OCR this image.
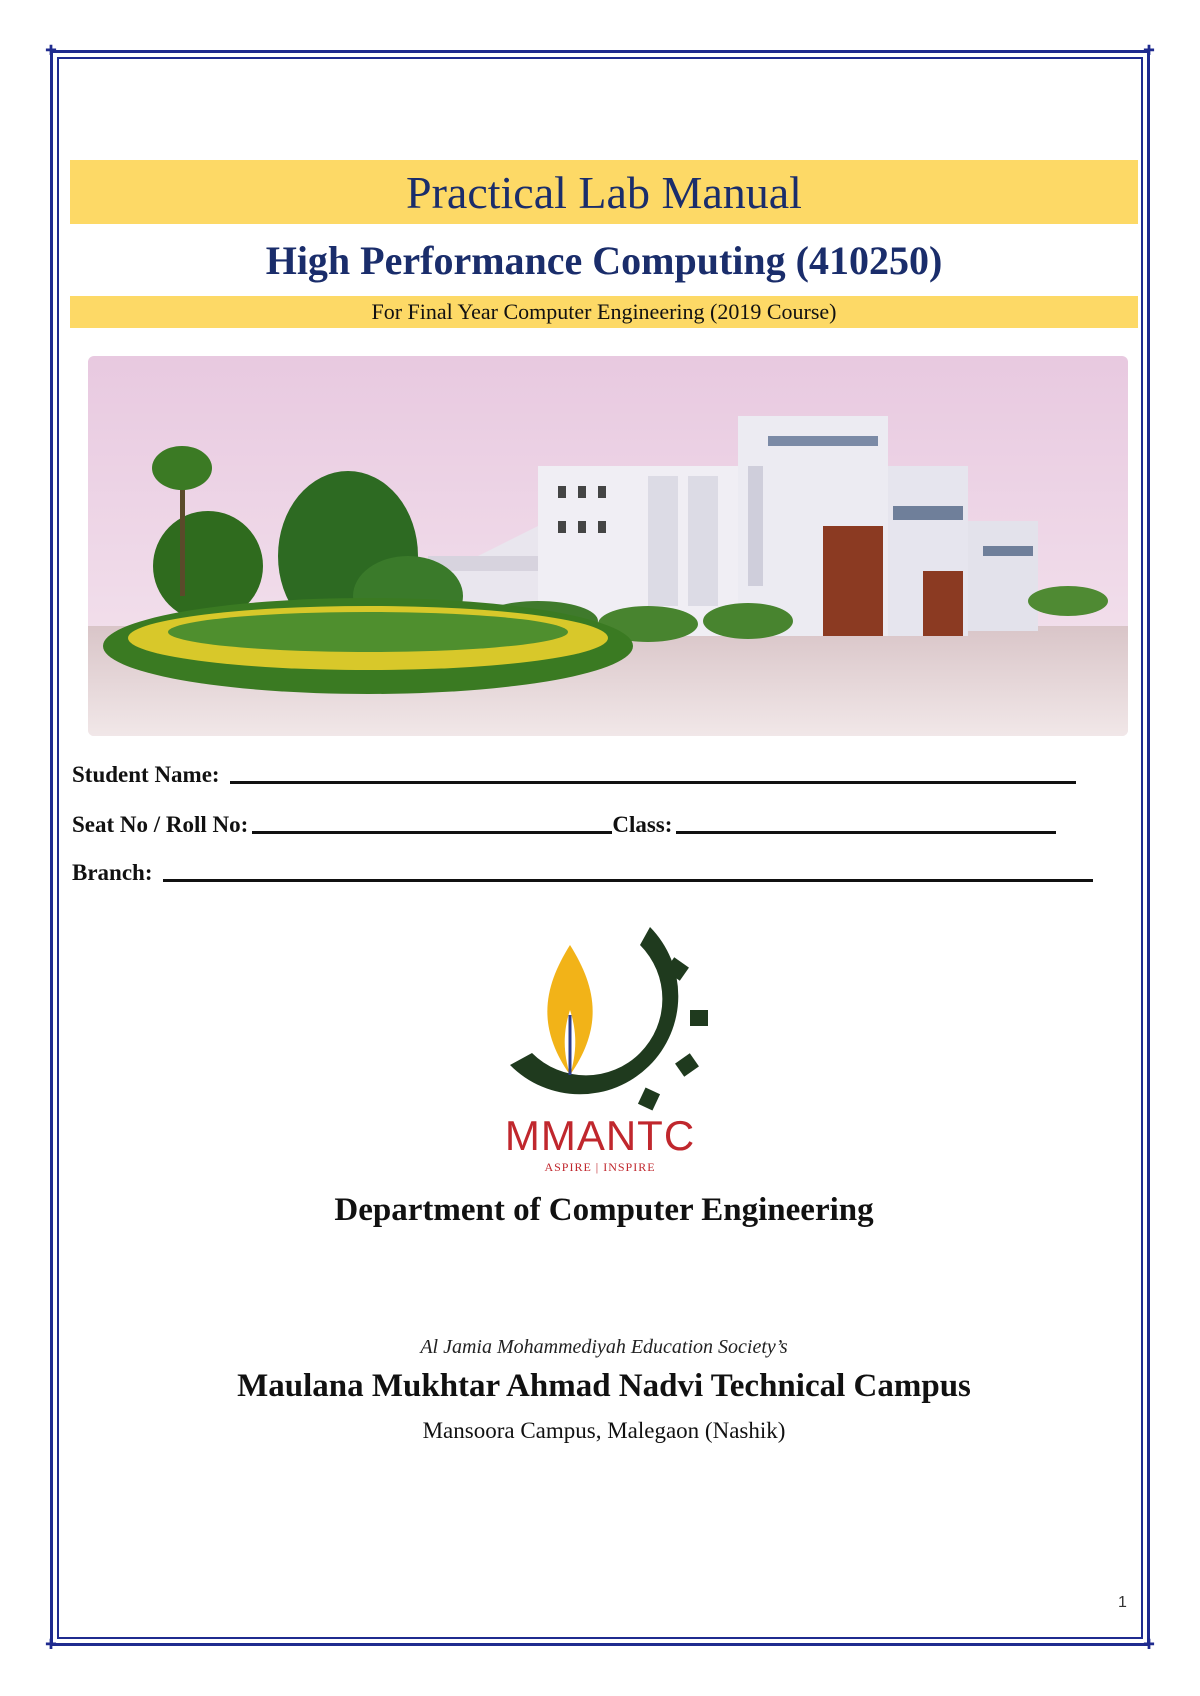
✚	✚
✚	✚
Practical Lab Manual
High Performance Computing (410250)
For Final Year Computer Engineering (2019 Course)
Student Name:
Seat No / Roll No:	Class:
Branch:
MMANTC
ASPIRE | INSPIRE
Department of Computer Engineering
Al Jamia Mohammediyah Education Society’s
Maulana Mukhtar Ahmad Nadvi Technical Campus
Mansoora Campus, Malegaon (Nashik)
1
